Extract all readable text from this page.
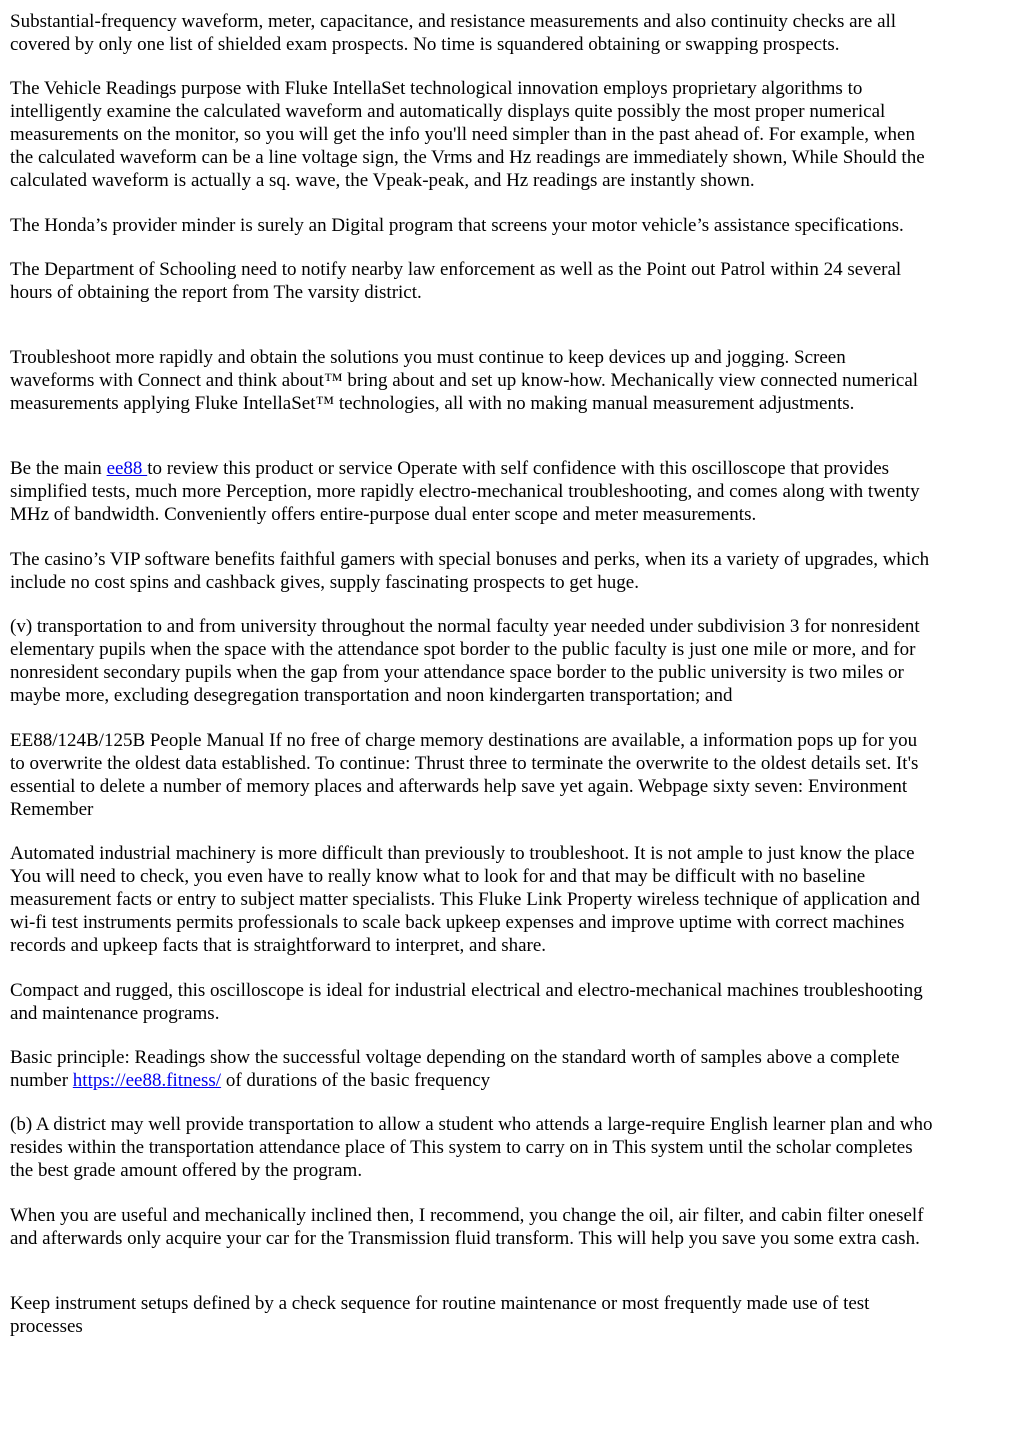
Substantial-frequency waveform, meter, capacitance, and resistance measurements and also continuity checks are all
covered by only one list of shielded exam prospects. No time is squandered obtaining or swapping prospects.
The Vehicle Readings purpose with Fluke IntellaSet technological innovation employs proprietary algorithms to
intelligently examine the calculated waveform and automatically displays quite possibly the most proper numerical
measurements on the monitor, so you will get the info you'll need simpler than in the past ahead of. For example, when
the calculated waveform can be a line voltage sign, the Vrms and Hz readings are immediately shown, While Should the
calculated waveform is actually a sq. wave, the Vpeak-peak, and Hz readings are instantly shown.
The Honda’s provider minder is surely an Digital program that screens your motor vehicle’s assistance specifications.
The Department of Schooling need to notify nearby law enforcement as well as the Point out Patrol within 24 several
hours of obtaining the report from The varsity district.
Troubleshoot more rapidly and obtain the solutions you must continue to keep devices up and jogging. Screen
waveforms with Connect and think about™ bring about and set up know-how. Mechanically view connected numerical
measurements applying Fluke IntellaSet™ technologies, all with no making manual measurement adjustments.
Be the main ee88 to review this product or service Operate with self confidence with this oscilloscope that provides
simplified tests, much more Perception, more rapidly electro-mechanical troubleshooting, and comes along with twenty
MHz of bandwidth. Conveniently offers entire-purpose dual enter scope and meter measurements.
The casino’s VIP software benefits faithful gamers with special bonuses and perks, when its a variety of upgrades, which
include no cost spins and cashback gives, supply fascinating prospects to get huge.
(v) transportation to and from university throughout the normal faculty year needed under subdivision 3 for nonresident
elementary pupils when the space with the attendance spot border to the public faculty is just one mile or more, and for
nonresident secondary pupils when the gap from your attendance space border to the public university is two miles or
maybe more, excluding desegregation transportation and noon kindergarten transportation; and
EE88/124B/125B People Manual If no free of charge memory destinations are available, a information pops up for you
to overwrite the oldest data established. To continue: Thrust three to terminate the overwrite to the oldest details set. It's
essential to delete a number of memory places and afterwards help save yet again. Webpage sixty seven: Environment
Remember
Automated industrial machinery is more difficult than previously to troubleshoot. It is not ample to just know the place
You will need to check, you even have to really know what to look for and that may be difficult with no baseline
measurement facts or entry to subject matter specialists. This Fluke Link Property wireless technique of application and
wi-fi test instruments permits professionals to scale back upkeep expenses and improve uptime with correct machines
records and upkeep facts that is straightforward to interpret, and share.
Compact and rugged, this oscilloscope is ideal for industrial electrical and electro-mechanical machines troubleshooting
and maintenance programs.
Basic principle: Readings show the successful voltage depending on the standard worth of samples above a complete
number https://ee88.fitness/ of durations of the basic frequency
(b) A district may well provide transportation to allow a student who attends a large-require English learner plan and who
resides within the transportation attendance place of This system to carry on in This system until the scholar completes
the best grade amount offered by the program.
When you are useful and mechanically inclined then, I recommend, you change the oil, air filter, and cabin filter oneself
and afterwards only acquire your car for the Transmission fluid transform. This will help you save you some extra cash.
Keep instrument setups defined by a check sequence for routine maintenance or most frequently made use of test
processes
